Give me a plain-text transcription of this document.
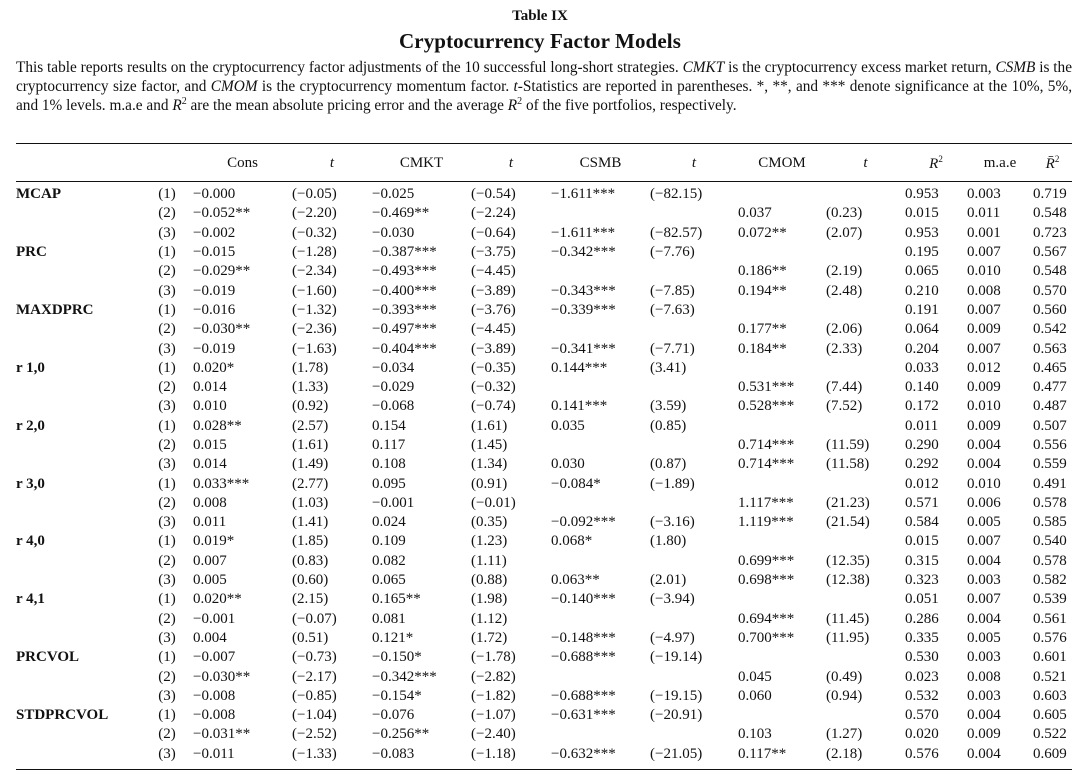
Table IX
Cryptocurrency Factor Models
This table reports results on the cryptocurrency factor adjustments of the 10 successful long-short strategies. CMKT is the cryptocurrency excess market return, CSMB is the cryptocurrency size factor, and CMOM is the cryptocurrency momentum factor. t-Statistics are reported in parentheses. *, **, and *** denote significance at the 10%, 5%, and 1% levels. m.a.e and $R^2$ are the mean absolute pricing error and the average $R^2$ of the five portfolios, respectively.
		Cons	t	CMKT	t	CSMB	t	CMOM	t	$R^2$	m.a.e	R̄$^2$

MCAP	(1)	−0.000	(−0.05)	−0.025	(−0.54)	−1.611***	(−82.15)			0.953	0.003	0.719
	(2)	−0.052**	(−2.20)	−0.469**	(−2.24)			0.037	(0.23)	0.015	0.011	0.548
	(3)	−0.002	(−0.32)	−0.030	(−0.64)	−1.611***	(−82.57)	0.072**	(2.07)	0.953	0.001	0.723
PRC	(1)	−0.015	(−1.28)	−0.387***	(−3.75)	−0.342***	(−7.76)			0.195	0.007	0.567
	(2)	−0.029**	(−2.34)	−0.493***	(−4.45)			0.186**	(2.19)	0.065	0.010	0.548
	(3)	−0.019	(−1.60)	−0.400***	(−3.89)	−0.343***	(−7.85)	0.194**	(2.48)	0.210	0.008	0.570
MAXDPRC	(1)	−0.016	(−1.32)	−0.393***	(−3.76)	−0.339***	(−7.63)			0.191	0.007	0.560
	(2)	−0.030**	(−2.36)	−0.497***	(−4.45)			0.177**	(2.06)	0.064	0.009	0.542
	(3)	−0.019	(−1.63)	−0.404***	(−3.89)	−0.341***	(−7.71)	0.184**	(2.33)	0.204	0.007	0.563
r 1,0	(1)	0.020*	(1.78)	−0.034	(−0.35)	0.144***	(3.41)			0.033	0.012	0.465
	(2)	0.014	(1.33)	−0.029	(−0.32)			0.531***	(7.44)	0.140	0.009	0.477
	(3)	0.010	(0.92)	−0.068	(−0.74)	0.141***	(3.59)	0.528***	(7.52)	0.172	0.010	0.487
r 2,0	(1)	0.028**	(2.57)	0.154	(1.61)	0.035	(0.85)			0.011	0.009	0.507
	(2)	0.015	(1.61)	0.117	(1.45)			0.714***	(11.59)	0.290	0.004	0.556
	(3)	0.014	(1.49)	0.108	(1.34)	0.030	(0.87)	0.714***	(11.58)	0.292	0.004	0.559
r 3,0	(1)	0.033***	(2.77)	0.095	(0.91)	−0.084*	(−1.89)			0.012	0.010	0.491
	(2)	0.008	(1.03)	−0.001	(−0.01)			1.117***	(21.23)	0.571	0.006	0.578
	(3)	0.011	(1.41)	0.024	(0.35)	−0.092***	(−3.16)	1.119***	(21.54)	0.584	0.005	0.585
r 4,0	(1)	0.019*	(1.85)	0.109	(1.23)	0.068*	(1.80)			0.015	0.007	0.540
	(2)	0.007	(0.83)	0.082	(1.11)			0.699***	(12.35)	0.315	0.004	0.578
	(3)	0.005	(0.60)	0.065	(0.88)	0.063**	(2.01)	0.698***	(12.38)	0.323	0.003	0.582
r 4,1	(1)	0.020**	(2.15)	0.165**	(1.98)	−0.140***	(−3.94)			0.051	0.007	0.539
	(2)	−0.001	(−0.07)	0.081	(1.12)			0.694***	(11.45)	0.286	0.004	0.561
	(3)	0.004	(0.51)	0.121*	(1.72)	−0.148***	(−4.97)	0.700***	(11.95)	0.335	0.005	0.576
PRCVOL	(1)	−0.007	(−0.73)	−0.150*	(−1.78)	−0.688***	(−19.14)			0.530	0.003	0.601
	(2)	−0.030**	(−2.17)	−0.342***	(−2.82)			0.045	(0.49)	0.023	0.008	0.521
	(3)	−0.008	(−0.85)	−0.154*	(−1.82)	−0.688***	(−19.15)	0.060	(0.94)	0.532	0.003	0.603
STDPRCVOL	(1)	−0.008	(−1.04)	−0.076	(−1.07)	−0.631***	(−20.91)			0.570	0.004	0.605
	(2)	−0.031**	(−2.52)	−0.256**	(−2.40)			0.103	(1.27)	0.020	0.009	0.522
	(3)	−0.011	(−1.33)	−0.083	(−1.18)	−0.632***	(−21.05)	0.117**	(2.18)	0.576	0.004	0.609
